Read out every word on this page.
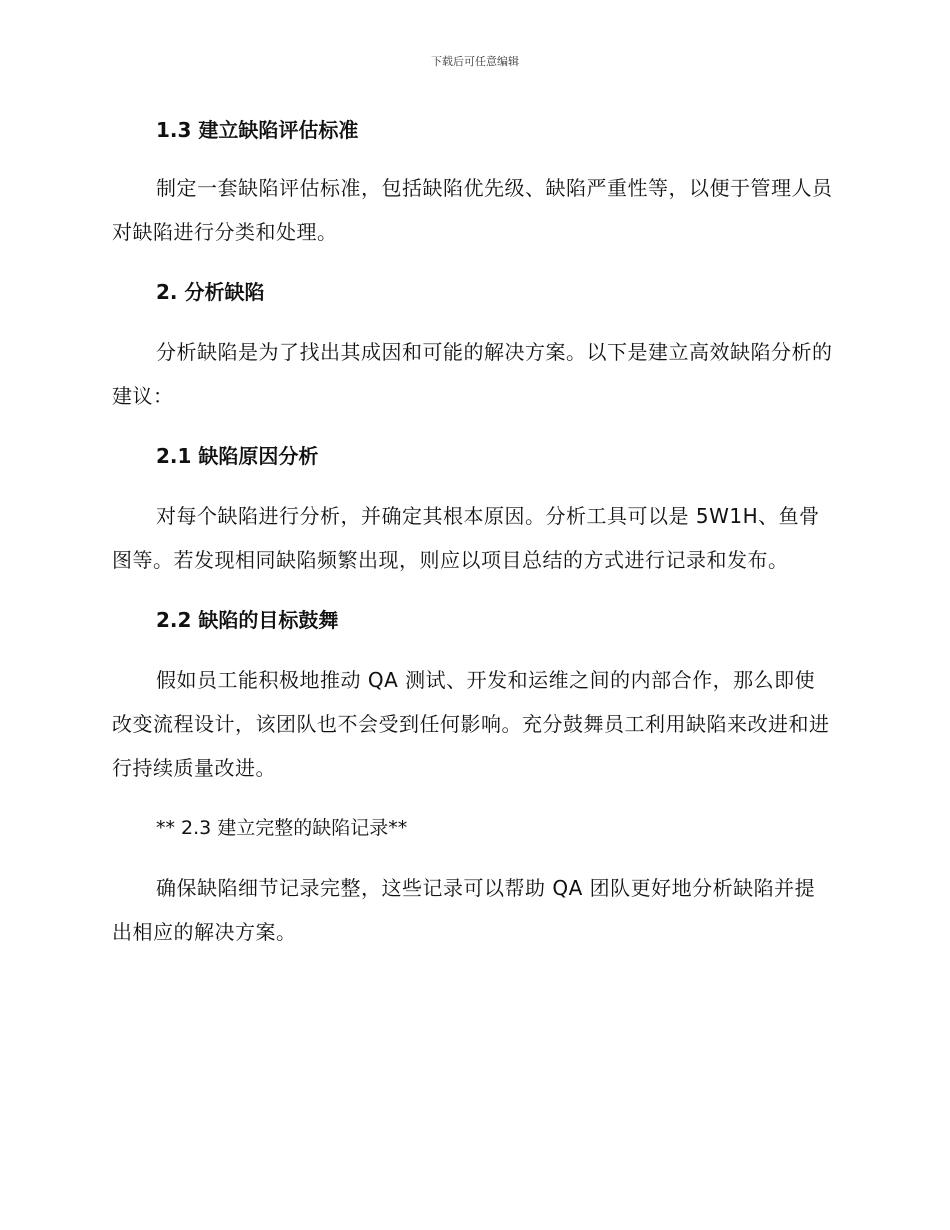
下载后可任意编辑
1.3 建立缺陷评估标准

制定一套缺陷评估标准，包括缺陷优先级、缺陷严重性等，以便于管理人员对缺陷进行分类和处理。

2. 分析缺陷

分析缺陷是为了找出其成因和可能的解决方案。以下是建立高效缺陷分析的建议：

2.1 缺陷原因分析

对每个缺陷进行分析，并确定其根本原因。分析工具可以是 5W1H、鱼骨图等。若发现相同缺陷频繁出现，则应以项目总结的方式进行记录和发布。

2.2 缺陷的目标鼓舞

假如员工能积极地推动 QA 测试、开发和运维之间的内部合作，那么即使改变流程设计，该团队也不会受到任何影响。充分鼓舞员工利用缺陷来改进和进行持续质量改进。

** 2.3 建立完整的缺陷记录**

确保缺陷细节记录完整，这些记录可以帮助 QA 团队更好地分析缺陷并提出相应的解决方案。
